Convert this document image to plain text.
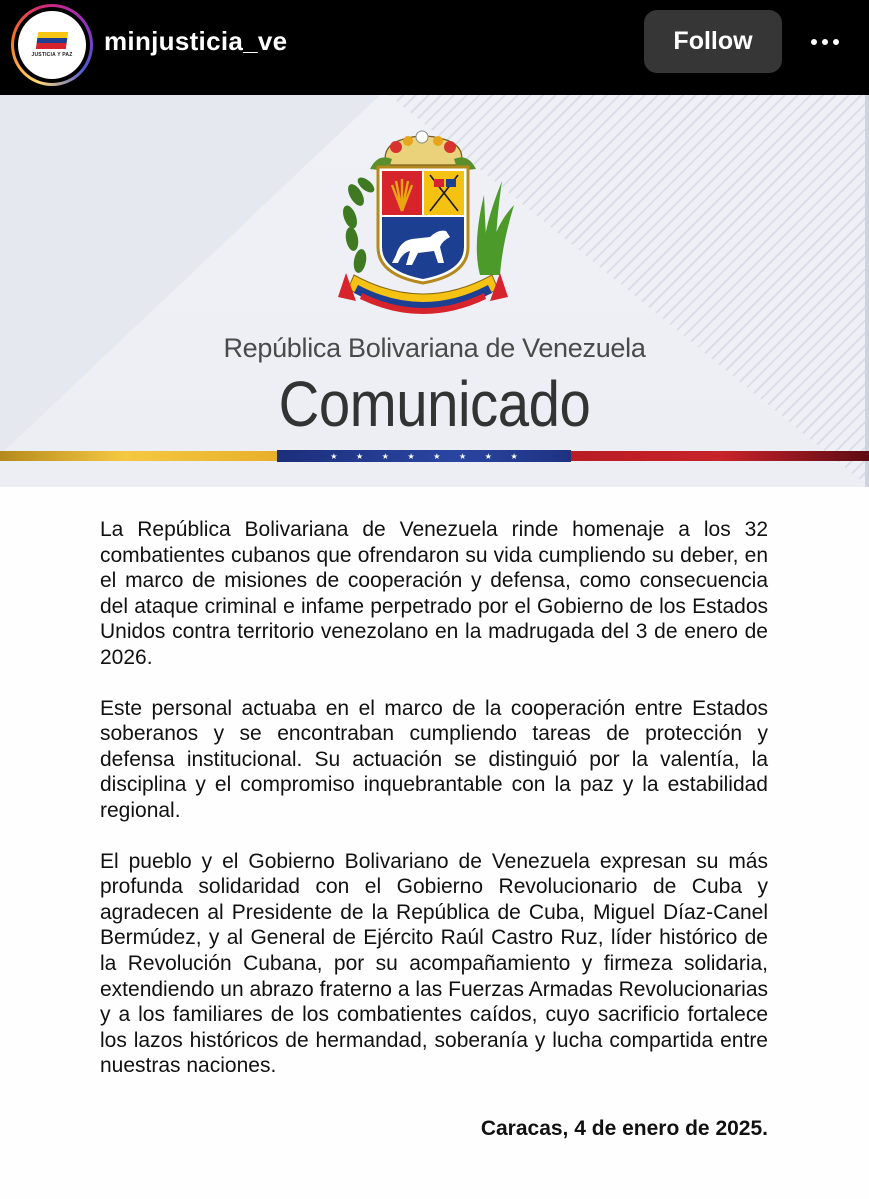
JUSTICIA Y PAZ minjusticia_ve	Follow
República Bolivariana de Venezuela
Comunicado
★ ★ ★ ★ ★ ★ ★ ★

La República Bolivariana de Venezuela rinde homenaje a los 32 combatientes cubanos que ofrendaron su vida cumpliendo su deber, en el marco de misiones de cooperación y defensa, como consecuencia del ataque criminal e infame perpetrado por el Gobierno de los Estados Unidos contra territorio venezolano en la madrugada del 3 de enero de 2026.

Este personal actuaba en el marco de la cooperación entre Estados soberanos y se encontraban cumpliendo tareas de protección y defensa institucional. Su actuación se distinguió por la valentía, la disciplina y el compromiso inquebrantable con la paz y la estabilidad regional.

El pueblo y el Gobierno Bolivariano de Venezuela expresan su más profunda solidaridad con el Gobierno Revolucionario de Cuba y agradecen al Presidente de la República de Cuba, Miguel Díaz-Canel Bermúdez, y al General de Ejército Raúl Castro Ruz, líder histórico de la Revolución Cubana, por su acompañamiento y firmeza solidaria, extendiendo un abrazo fraterno a las Fuerzas Armadas Revolucionarias y a los familiares de los combatientes caídos, cuyo sacrificio fortalece los lazos históricos de hermandad, soberanía y lucha compartida entre nuestras naciones.

Caracas, 4 de enero de 2025.
